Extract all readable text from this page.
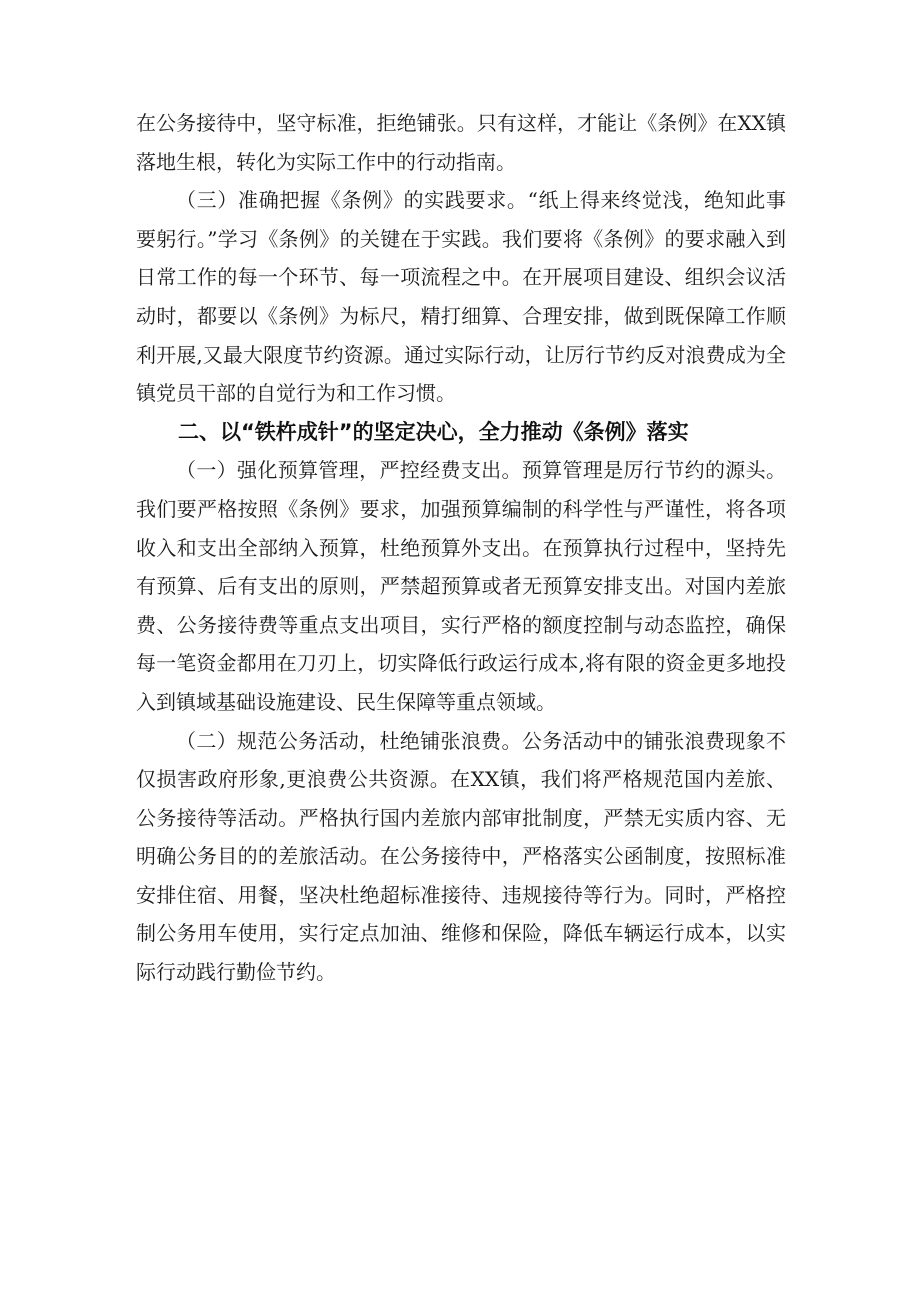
在公务接待中，坚守标准，拒绝铺张。只有这样，才能让《条例》在XX镇落地生根，转化为实际工作中的行动指南。

（三）准确把握《条例》的实践要求。“纸上得来终觉浅，绝知此事要躬行。”学习《条例》的关键在于实践。我们要将《条例》的要求融入到日常工作的每一个环节、每一项流程之中。在开展项目建设、组织会议活动时，都要以《条例》为标尺，精打细算、合理安排，做到既保障工作顺利开展,又最大限度节约资源。通过实际行动，让厉行节约反对浪费成为全镇党员干部的自觉行为和工作习惯。

二、以“铁杵成针”的坚定决心，全力推动《条例》落实

（一）强化预算管理，严控经费支出。预算管理是厉行节约的源头。我们要严格按照《条例》要求，加强预算编制的科学性与严谨性，将各项收入和支出全部纳入预算，杜绝预算外支出。在预算执行过程中，坚持先有预算、后有支出的原则，严禁超预算或者无预算安排支出。对国内差旅费、公务接待费等重点支出项目，实行严格的额度控制与动态监控，确保每一笔资金都用在刀刃上，切实降低行政运行成本,将有限的资金更多地投入到镇域基础设施建设、民生保障等重点领域。

（二）规范公务活动，杜绝铺张浪费。公务活动中的铺张浪费现象不仅损害政府形象,更浪费公共资源。在XX镇，我们将严格规范国内差旅、公务接待等活动。严格执行国内差旅内部审批制度，严禁无实质内容、无明确公务目的的差旅活动。在公务接待中，严格落实公函制度，按照标准安排住宿、用餐，坚决杜绝超标准接待、违规接待等行为。同时，严格控制公务用车使用，实行定点加油、维修和保险，降低车辆运行成本，以实际行动践行勤俭节约。
